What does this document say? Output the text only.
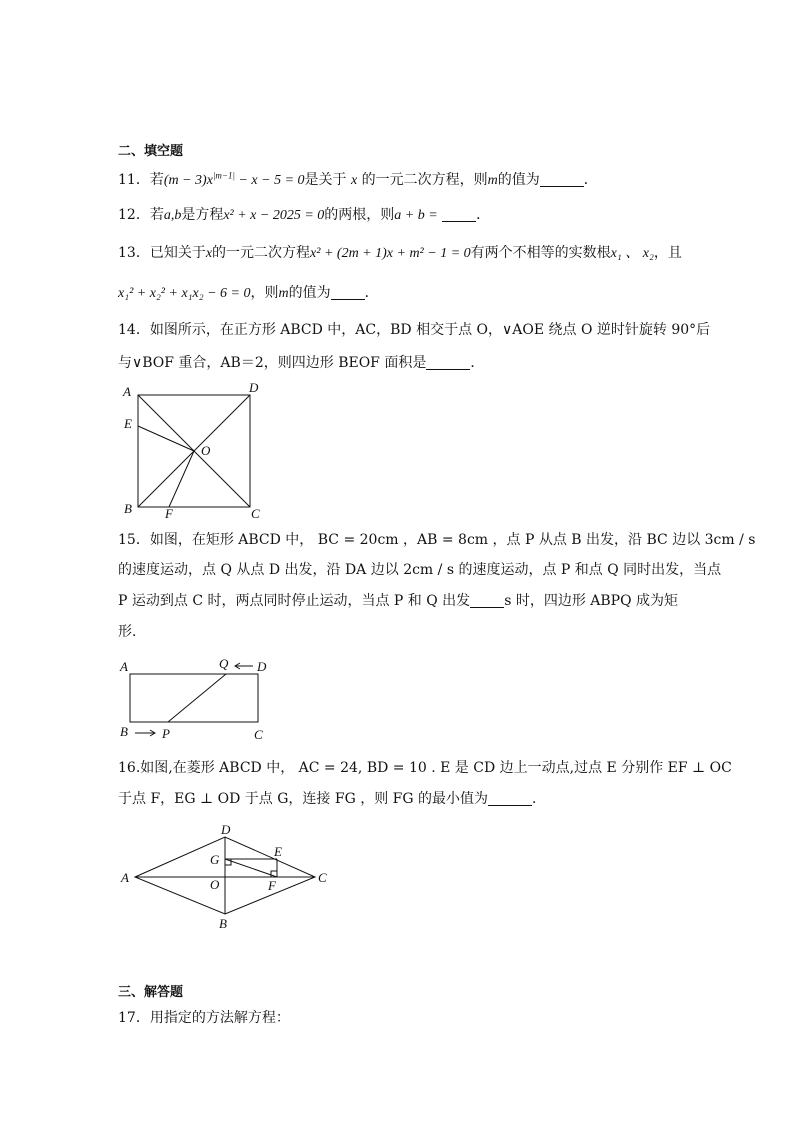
二、填空题
11．若$(m - 3)x^{|m-1|} - x - 5 = 0$是关于 x 的一元二次方程，则m的值为	．
12．若a,b是方程x² + x − 2025 = 0的两根，则a + b =	．
13．已知关于x的一元二次方程x² + (2m + 1)x + m² − 1 = 0有两个不相等的实数根x₁ 、 x₂，且
x₁² + x₂² + x₁x₂ − 6 = 0，则m的值为 ．
14．如图所示，在正方形 ABCD 中，AC，BD 相交于点 O，∨AOE 绕点 O 逆时针旋转 90°后
与∨BOF 重合，AB＝2，则四边形 BEOF 面积是	．
A	D
E
O
B	F	C
15．如图，在矩形 ABCD 中， BC = 20cm ，AB = 8cm ，点 P 从点 B 出发，沿 BC 边以 3cm / s
的速度运动，点 Q 从点 D 出发，沿 DA 边以 2cm / s 的速度运动，点 P 和点 Q 同时出发，当点
P 运动到点 C 时，两点同时停止运动，当点 P 和 Q 出发 s 时，四边形 ABPQ 成为矩
形．
A	Q D
B	P	C
16.如图,在菱形 ABCD 中， AC = 24, BD = 10 . E 是 CD 边上一动点,过点 E 分别作 EF ⊥ OC
于点 F，EG ⊥ OD 于点 G，连接 FG ，则 FG 的最小值为	．
D
E
G
A	O	F
C
B
三、解答题
17．用指定的方法解方程：
